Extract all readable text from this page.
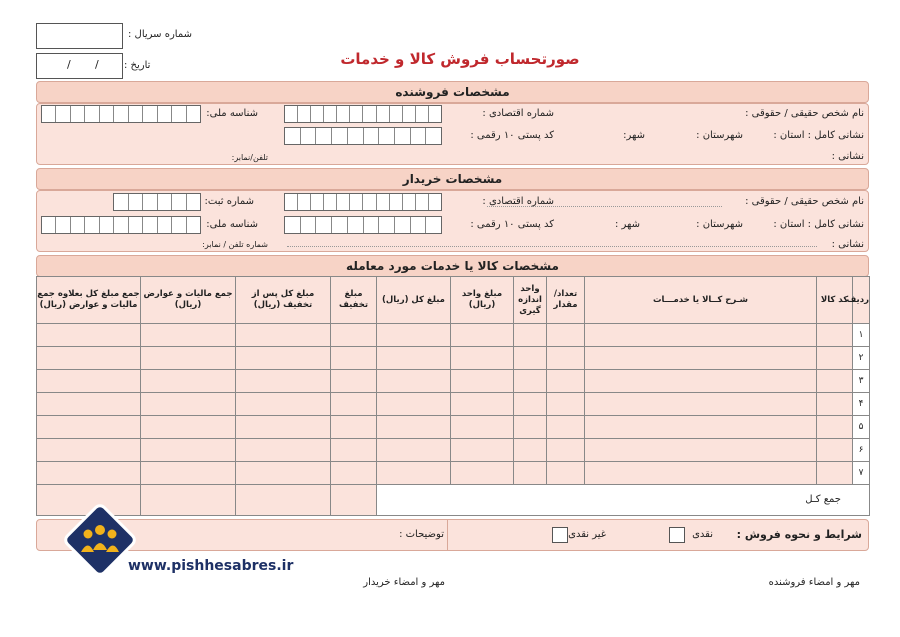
شماره سریال :
/ /	تاریخ :	صورتحساب فروش کالا و خدمات
مشخصات فروشنده
نام شخص حقیقی / حقوقی :
شماره اقتصادی :
شناسه ملی:
نشانی کامل : استان :
شهرستان :
شهر:
کد پستی ۱۰ رقمی :
نشانی :
تلفن/نمابر:
مشخصات خریدار
نام شخص حقیقی / حقوقی :
شماره اقتصادی :
شماره ثبت:
نشانی کامل : استان :
شهرستان :
شهر :
کد پستی ۱۰ رقمی :
شناسه ملی:
نشانی :
شماره تلفن / نمابر:
مشخصات کالا یا خدمات مورد معامله
ردیف	کد کالا	شـرح کــالا یا خدمـــات	تعداد/ مقدار	واحد اندازه گیری	مبلغ واحد (ریال)	مبلغ کل (ریال)	مبلغ تخفیف	مبلغ کل پس از تخفیف (ریال)	جمع مالیات و عوارض (ریال)	جمع مبلغ کل بعلاوه جمع مالیات و عوارض (ریال)
۱										
۲										
۳										
۴										
۵										
۶										
۷										

جمع کـل										

شرایط و نحوه فروش :
نقدی
غیر نقدی
توضیحات :
www.pishhesabres.ir
مهر و امضاء فروشنده
مهر و امضاء خریدار
